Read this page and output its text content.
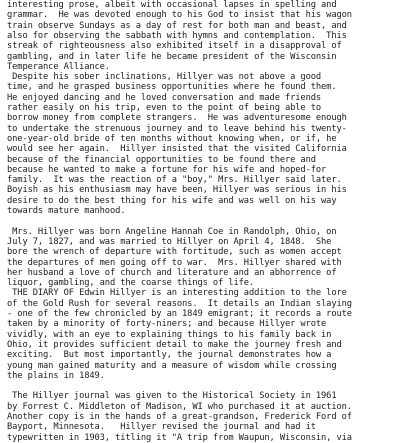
interesting prose, albeit with occasional lapses in spelling and
grammar.  He was devoted enough to his God to insist that his wagon
train observe Sundays as a day of rest for both man and beast, and
also for observing the sabbath with hymns and contemplation.  This
streak of righteousness also exhibited itself in a disapproval of
gambling, and in later life he became president of the Wisconsin
Temperance Alliance.
Despite his sober inclinations, Hillyer was not above a good
time, and he grasped business opportunities where he found them.
He enjoyed dancing and he loved conversation and made friends
rather easily on his trip, even to the point of being able to
borrow money from complete strangers.  He was adventuresome enough
to undertake the strenuous journey and to leave behind his twenty-
one-year-old bride of ten months without knowing when, or if, he
would see her again.  Hillyer insisted that the visited California
because of the financial opportunities to be found there and
because he wanted to make a fortune for his wife and hoped-for
family.  It was the reaction of a "boy," Mrs. Hillyer said later.
Boyish as his enthusiasm may have been, Hillyer was serious in his
desire to do the best thing for his wife and was well on his way
towards mature manhood.
Mrs. Hillyer was born Angeline Hannah Coe in Randolph, Ohio, on
July 7, 1827, and was married to Hillyer on April 4, 1848.  She
bore the wrench of departure with fortitude, such as women accept
the departures of men going off to war.  Mrs. Hillyer shared with
her husband a love of church and literature and an abhorrence of
liquor, gambling, and the coarse things of life.
THE DIARY OF Edwin Hillyer is an interesting addition to the lore
of the Gold Rush for several reasons.  It details an Indian slaying
- one of the few chronicled by an 1849 emigrant; it records a route
taken by a minority of forty-niners; and because Hillyer wrote
vividly, with an eye to explaining things to his family back in
Ohio, it provides sufficient detail to make the journey fresh and
exciting.  But most importantly, the journal demonstrates how a
young man gained maturity and a measure of wisdom while crossing
the plains in 1849.
The Hillyer journal was given to the Historical Society in 1961
by Forrest C. Middleton of Madison, WI who purchased it at auction.
Another copy is in the hands of a great-grandson, Frederick Ford of
Bayport, Minnesota.   Hillyer revised the journal and had it
typewritten in 1903, titling it "A trip from Waupun, Wisconsin, via
